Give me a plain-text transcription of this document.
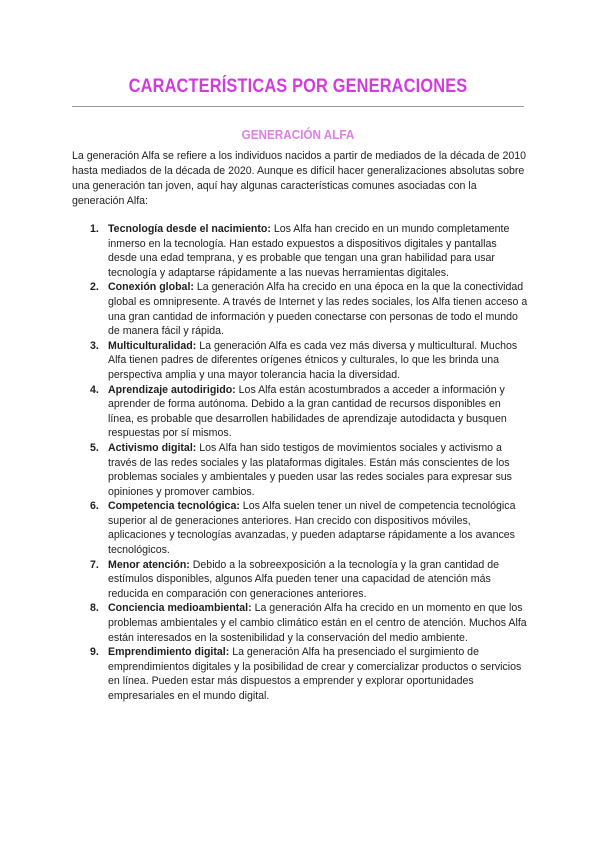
CARACTERÍSTICAS POR GENERACIONES
GENERACIÓN ALFA

La generación Alfa se refiere a los individuos nacidos a partir de mediados de la década de 2010 hasta mediados de la década de 2020. Aunque es difícil hacer generalizaciones absolutas sobre una generación tan joven, aquí hay algunas características comunes asociadas con la generación Alfa:

1. Tecnología desde el nacimiento: Los Alfa han crecido en un mundo completamente inmerso en la tecnología. Han estado expuestos a dispositivos digitales y pantallas desde una edad temprana, y es probable que tengan una gran habilidad para usar tecnología y adaptarse rápidamente a las nuevas herramientas digitales.
2. Conexión global: La generación Alfa ha crecido en una época en la que la conectividad global es omnipresente. A través de Internet y las redes sociales, los Alfa tienen acceso a una gran cantidad de información y pueden conectarse con personas de todo el mundo de manera fácil y rápida.
3. Multiculturalidad: La generación Alfa es cada vez más diversa y multicultural. Muchos Alfa tienen padres de diferentes orígenes étnicos y culturales, lo que les brinda una perspectiva amplia y una mayor tolerancia hacia la diversidad.
4. Aprendizaje autodirigido: Los Alfa están acostumbrados a acceder a información y aprender de forma autónoma. Debido a la gran cantidad de recursos disponibles en línea, es probable que desarrollen habilidades de aprendizaje autodidacta y busquen respuestas por sí mismos.
5. Activismo digital: Los Alfa han sido testigos de movimientos sociales y activismo a través de las redes sociales y las plataformas digitales. Están más conscientes de los problemas sociales y ambientales y pueden usar las redes sociales para expresar sus opiniones y promover cambios.
6. Competencia tecnológica: Los Alfa suelen tener un nivel de competencia tecnológica superior al de generaciones anteriores. Han crecido con dispositivos móviles, aplicaciones y tecnologías avanzadas, y pueden adaptarse rápidamente a los avances tecnológicos.
7. Menor atención: Debido a la sobreexposición a la tecnología y la gran cantidad de estímulos disponibles, algunos Alfa pueden tener una capacidad de atención más reducida en comparación con generaciones anteriores.
8. Conciencia medioambiental: La generación Alfa ha crecido en un momento en que los problemas ambientales y el cambio climático están en el centro de atención. Muchos Alfa están interesados en la sostenibilidad y la conservación del medio ambiente.
9. Emprendimiento digital: La generación Alfa ha presenciado el surgimiento de emprendimientos digitales y la posibilidad de crear y comercializar productos o servicios en línea. Pueden estar más dispuestos a emprender y explorar oportunidades empresariales en el mundo digital.
